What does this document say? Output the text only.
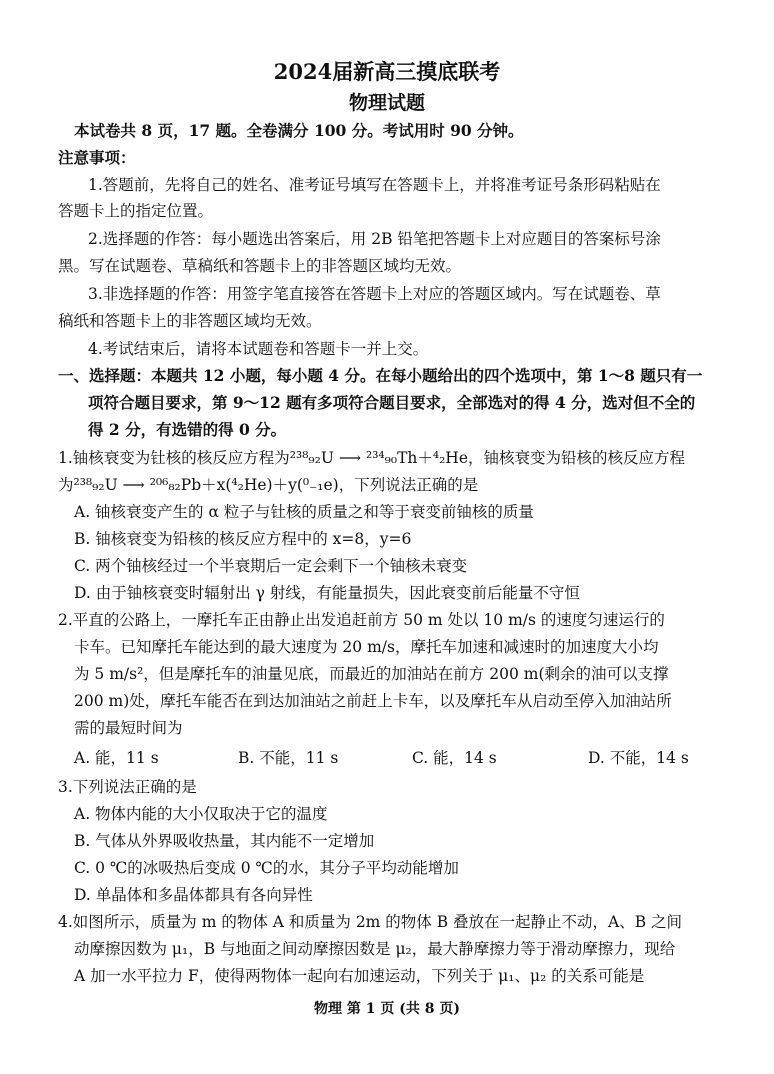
2024届新高三摸底联考
物理试题
本试卷共 8 页，17 题。全卷满分 100 分。考试用时 90 分钟。
注意事项：
1.答题前，先将自己的姓名、准考证号填写在答题卡上，并将准考证号条形码粘贴在
答题卡上的指定位置。
2.选择题的作答：每小题选出答案后，用 2B 铅笔把答题卡上对应题目的答案标号涂
黑。写在试题卷、草稿纸和答题卡上的非答题区域均无效。
3.非选择题的作答：用签字笔直接答在答题卡上对应的答题区域内。写在试题卷、草
稿纸和答题卡上的非答题区域均无效。
4.考试结束后，请将本试题卷和答题卡一并上交。
一、选择题：本题共 12 小题，每小题 4 分。在每小题给出的四个选项中，第 1～8 题只有一
项符合题目要求，第 9～12 题有多项符合题目要求，全部选对的得 4 分，选对但不全的
得 2 分，有选错的得 0 分。
1.铀核衰变为钍核的核反应方程为²³⁸₉₂U ⟶ ²³⁴₉₀Th＋⁴₂He，铀核衰变为铅核的核反应方程
为²³⁸₉₂U ⟶ ²⁰⁶₈₂Pb＋x(⁴₂He)＋y(⁰₋₁e)，下列说法正确的是
A. 铀核衰变产生的 α 粒子与钍核的质量之和等于衰变前铀核的质量
B. 铀核衰变为铅核的核反应方程中的 x=8，y=6
C. 两个铀核经过一个半衰期后一定会剩下一个铀核未衰变
D. 由于铀核衰变时辐射出 γ 射线，有能量损失，因此衰变前后能量不守恒
2.平直的公路上，一摩托车正由静止出发追赶前方 50 m 处以 10 m/s 的速度匀速运行的
卡车。已知摩托车能达到的最大速度为 20 m/s，摩托车加速和减速时的加速度大小均
为 5 m/s²，但是摩托车的油量见底，而最近的加油站在前方 200 m(剩余的油可以支撑
200 m)处，摩托车能否在到达加油站之前赶上卡车，以及摩托车从启动至停入加油站所
需的最短时间为
A. 能，11 s	B. 不能，11 s	C. 能，14 s	D. 不能，14 s
3.下列说法正确的是
A. 物体内能的大小仅取决于它的温度
B. 气体从外界吸收热量，其内能不一定增加
C. 0 ℃的冰吸热后变成 0 ℃的水，其分子平均动能增加
D. 单晶体和多晶体都具有各向异性
4.如图所示，质量为 m 的物体 A 和质量为 2m 的物体 B 叠放在一起静止不动，A、B 之间
动摩擦因数为 μ₁，B 与地面之间动摩擦因数是 μ₂，最大静摩擦力等于滑动摩擦力，现给
A 加一水平拉力 F，使得两物体一起向右加速运动，下列关于 μ₁、μ₂ 的关系可能是
物理 第 1 页 (共 8 页)
